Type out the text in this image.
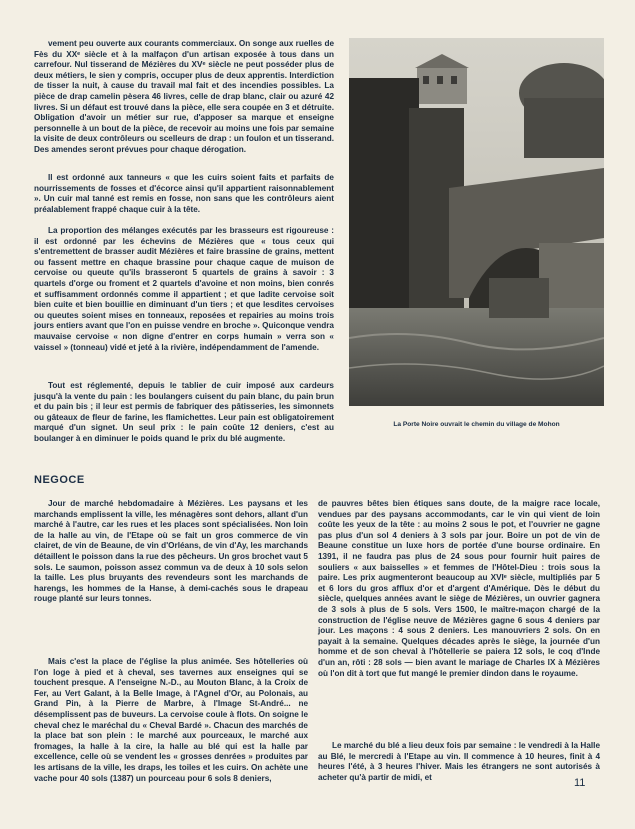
vement peu ouverte aux courants commerciaux. On songe aux ruelles de Fès du XXᵉ siècle et à la malfaçon d'un artisan exposée à tous dans un carrefour. Nul tisserand de Mézières du XVᵉ siècle ne peut posséder plus de deux métiers, le sien y compris, occuper plus de deux apprentis. Interdiction de tisser la nuit, à cause du travail mal fait et des incendies possibles. La pièce de drap camelin pèsera 46 livres, celle de drap blanc, clair ou azuré 42 livres. Si un défaut est trouvé dans la pièce, elle sera coupée en 3 et détruite. Obligation d'avoir un métier sur rue, d'apposer sa marque et enseigne personnelle à un bout de la pièce, de recevoir au moins une fois par semaine la visite de deux contrôleurs ou scelleurs de drap : un foulon et un tisserand. Des amendes seront prévues pour chaque dérogation.

Il est ordonné aux tanneurs « que les cuirs soient faits et parfaits de nourrissements de fosses et d'écorce ainsi qu'il appartient raisonnablement ». Un cuir mal tanné est remis en fosse, non sans que les contrôleurs aient préalablement frappé chaque cuir à la tête.

La proportion des mélanges exécutés par les brasseurs est rigoureuse : il est ordonné par les échevins de Mézières que « tous ceux qui s'entremettent de brasser audit Mézières et faire brassine de grains, mettent ou fassent mettre en chaque brassine pour chaque caque de muison de cervoise ou queute qu'ils brasseront 5 quartels de grains à savoir : 3 quartels d'orge ou froment et 2 quartels d'avoine et non moins, bien conrés et suffisamment ordonnés comme il appartient ; et que ladite cervoise soit bien cuite et bien bouillie en diminuant d'un tiers ; et que lesdites cervoises ou queutes soient mises en tonneaux, reposées et repairies au moins trois jours entiers avant que l'on en puisse vendre en broche ». Quiconque vendra mauvaise cervoise « non digne d'entrer en corps humain » verra son « vaissel » (tonneau) vidé et jeté à la rivière, indépendamment de l'amende.

Tout est réglementé, depuis le tablier de cuir imposé aux cardeurs jusqu'à la vente du pain : les boulangers cuisent du pain blanc, du pain brun et du pain bis ; il leur est permis de fabriquer des pâtisseries, les simonnets ou gâteaux de fleur de farine, les flamichettes. Leur pain est obligatoirement marqué d'un signet. Un seul prix : le pain coûte 12 deniers, c'est au boulanger à en diminuer le poids quand le prix du blé augmente.

La Porte Noire ouvrait le chemin du village de Mohon
NEGOCE

Jour de marché hebdomadaire à Mézières. Les paysans et les marchands emplissent la ville, les ménagères sont dehors, allant d'un marché à l'autre, car les rues et les places sont spécialisées. Non loin de la halle au vin, de l'Etape où se fait un gros commerce de vin clairet, de vin de Beaune, de vin d'Orléans, de vin d'Ay, les marchands détaillent le poisson dans la rue des pêcheurs. Un gros brochet vaut 5 sols. Le saumon, poisson assez commun va de deux à 10 sols selon la taille. Les plus bruyants des revendeurs sont les marchands de harengs, les hommes de la Hanse, à demi-cachés sous le drapeau rouge planté sur leurs tonnes.

Mais c'est la place de l'église la plus animée. Ses hôtelleries où l'on loge à pied et à cheval, ses tavernes aux enseignes qui se touchent presque. A l'enseigne N.-D., au Mouton Blanc, à la Croix de Fer, au Vert Galant, à la Belle Image, à l'Agnel d'Or, au Polonais, au Grand Pin, à la Pierre de Marbre, à l'Image St-André... ne désemplissent pas de buveurs. La cervoise coule à flots. On soigne le cheval chez le maréchal du « Cheval Bardé ». Chacun des marchés de la place bat son plein : le marché aux pourceaux, le marché aux fromages, la halle à la cire, la halle au blé qui est la halle par excellence, celle où se vendent les « grosses denrées » produites par les artisans de la ville, les draps, les toiles et les cuirs. On achète une vache pour 40 sols (1387) un pourceau pour 6 sols 8 deniers,

de pauvres bêtes bien étiques sans doute, de la maigre race locale, vendues par des paysans accommodants, car le vin qui vient de loin coûte les yeux de la tête : au moins 2 sous le pot, et l'ouvrier ne gagne pas plus d'un sol 4 deniers à 3 sols par jour. Boire un pot de vin de Beaune constitue un luxe hors de portée d'une bourse ordinaire. En 1391, il ne faudra pas plus de 24 sous pour fournir huit paires de souliers « aux baisselles » et femmes de l'Hôtel-Dieu : trois sous la paire. Les prix augmenteront beaucoup au XVIᵉ siècle, multipliés par 5 et 6 lors du gros afflux d'or et d'argent d'Amérique. Dès le début du siècle, quelques années avant le siège de Mézières, un ouvrier gagnera de 3 sols à plus de 5 sols. Vers 1500, le maître-maçon chargé de la construction de l'église neuve de Mézières gagne 6 sous 4 deniers par jour. Les maçons : 4 sous 2 deniers. Les manouvriers 2 sols. On en payait à la semaine. Quelques décades après le siège, la journée d'un homme et de son cheval à l'hôtellerie se paiera 12 sols, le coq d'Inde d'un an, rôti : 28 sols — bien avant le mariage de Charles IX à Mézières où l'on dit à tort que fut mangé le premier dindon dans le royaume.

Le marché du blé a lieu deux fois par semaine : le vendredi à la Halle au Blé, le mercredi à l'Etape au vin. Il commence à 10 heures, finit à 4 heures l'été, à 3 heures l'hiver. Mais les étrangers ne sont autorisés à acheter qu'à partir de midi, et	11
